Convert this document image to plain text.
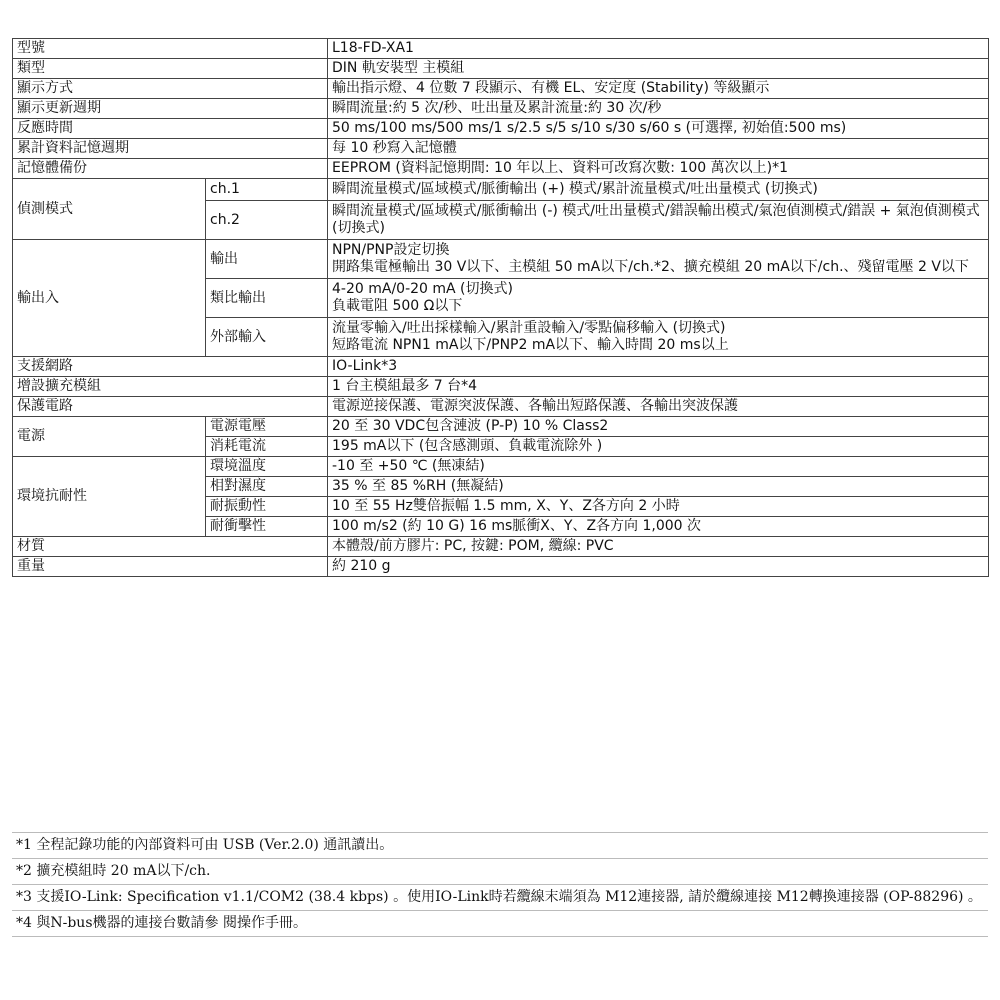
型號		L18-FD-XA1
類型		DIN 軌安裝型 主模組
顯示方式		輸出指示燈、4 位數 7 段顯示、有機 EL、安定度 (Stability) 等級顯示
顯示更新週期		瞬間流量:約 5 次/秒、吐出量及累計流量:約 30 次/秒
反應時間		50 ms/100 ms/500 ms/1 s/2.5 s/5 s/10 s/30 s/60 s (可選擇, 初始值:500 ms)
累計資料記憶週期		每 10 秒寫入記憶體
記憶體備份		EEPROM (資料記憶期間: 10 年以上、資料可改寫次數: 100 萬次以上)*1
偵測模式	ch.1	瞬間流量模式/區域模式/脈衝輸出 (+) 模式/累計流量模式/吐出量模式 (切換式)
	ch.2	瞬間流量模式/區域模式/脈衝輸出 (-) 模式/吐出量模式/錯誤輸出模式/氣泡偵測模式/錯誤 + 氣泡偵測模式 (切換式)
輸出入	輸出	NPN/PNP設定切換
開路集電極輸出 30 V以下、主模組 50 mA以下/ch.*2、擴充模組 20 mA以下/ch.、殘留電壓 2 V以下

	類比輸出	4-20 mA/0-20 mA (切換式)
負載電阻 500 Ω以下

	外部輸入	流量零輸入/吐出採樣輸入/累計重設輸入/零點偏移輸入 (切換式)
短路電流 NPN1 mA以下/PNP2 mA以下、輸入時間 20 ms以上

支援網路		IO-Link*3
增設擴充模組		1 台主模組最多 7 台*4
保護電路		電源逆接保護、電源突波保護、各輸出短路保護、各輸出突波保護
電源	電源電壓	20 至 30 VDC包含漣波 (P-P) 10 % Class2
	消耗電流	195 mA以下 (包含感測頭、負載電流除外 )
環境抗耐性	環境溫度	-10 至 +50 ℃ (無凍結)
	相對濕度	35 % 至 85 %RH (無凝結)
	耐振動性	10 至 55 Hz雙倍振幅 1.5 mm, X、Y、Z各方向 2 小時
	耐衝擊性	100 m/s2 (約 10 G) 16 ms脈衝X、Y、Z各方向 1,000 次
材質		本體殼/前方膠片: PC, 按鍵: POM, 纜線: PVC
重量		約 210 g
*1 全程記錄功能的內部資料可由 USB (Ver.2.0) 通訊讀出。
*2 擴充模組時 20 mA以下/ch.
*3 支援IO-Link: Specification v1.1/COM2 (38.4 kbps) 。使用IO-Link時若纜線末端須為 M12連接器, 請於纜線連接 M12轉換連接器 (OP-88296) 。
*4 與N-bus機器的連接台數請參 閱操作手冊。
